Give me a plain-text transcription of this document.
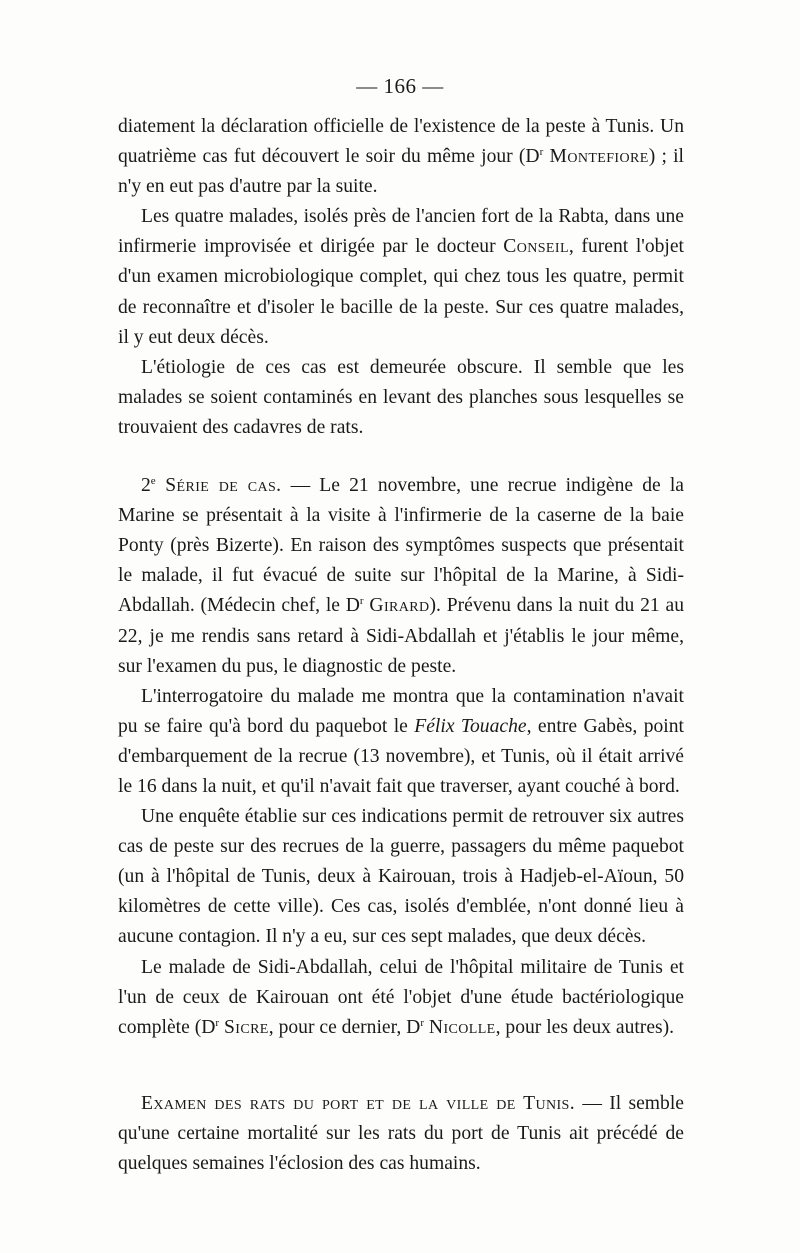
— 166 —

diatement la déclaration officielle de l'existence de la peste à Tunis. Un quatrième cas fut découvert le soir du même jour ($D^r$ Montefiore) ; il n'y en eut pas d'autre par la suite.

Les quatre malades, isolés près de l'ancien fort de la Rabta, dans une infirmerie improvisée et dirigée par le docteur Conseil, furent l'objet d'un examen microbiologique complet, qui chez tous les quatre, permit de reconnaître et d'isoler le bacille de la peste. Sur ces quatre malades, il y eut deux décès.

L'étiologie de ces cas est demeurée obscure. Il semble que les malades se soient contaminés en levant des planches sous lesquelles se trouvaient des cadavres de rats.

2e Série de cas. — Le 21 novembre, une recrue indigène de la Marine se présentait à la visite à l'infirmerie de la caserne de la baie Ponty (près Bizerte). En raison des symptômes suspects que présentait le malade, il fut évacué de suite sur l'hôpital de la Marine, à Sidi-Abdallah. (Médecin chef, le $D^r$ Girard). Prévenu dans la nuit du 21 au 22, je me rendis sans retard à Sidi-Abdallah et j'établis le jour même, sur l'examen du pus, le diagnostic de peste.

L'interrogatoire du malade me montra que la contamination n'avait pu se faire qu'à bord du paquebot le Félix Touache, entre Gabès, point d'embarquement de la recrue (13 novembre), et Tunis, où il était arrivé le 16 dans la nuit, et qu'il n'avait fait que traverser, ayant couché à bord.

Une enquête établie sur ces indications permit de retrouver six autres cas de peste sur des recrues de la guerre, passagers du même paquebot (un à l'hôpital de Tunis, deux à Kairouan, trois à Hadjeb-el-Aïoun, 50 kilomètres de cette ville). Ces cas, isolés d'emblée, n'ont donné lieu à aucune contagion. Il n'y a eu, sur ces sept malades, que deux décès.

Le malade de Sidi-Abdallah, celui de l'hôpital militaire de Tunis et l'un de ceux de Kairouan ont été l'objet d'une étude bactériologique complète ($D^r$ Sicre, pour ce dernier, $D^r$ Nicolle, pour les deux autres).

Examen des rats du port et de la ville de Tunis. — Il semble qu'une certaine mortalité sur les rats du port de Tunis ait précédé de quelques semaines l'éclosion des cas humains.
